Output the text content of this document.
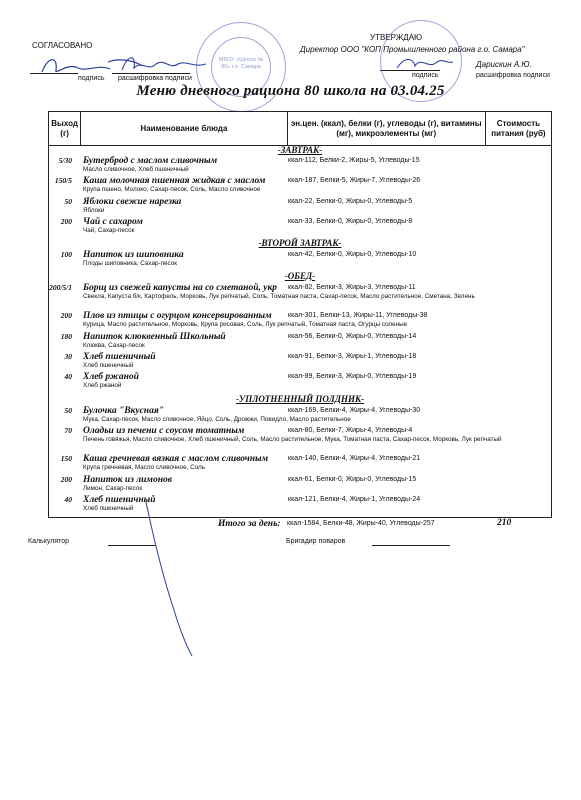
СОГЛАСОВАНО
подпись расшифровка подписи
УТВЕРЖДАЮ
Директор ООО "КОП Промышленного района г.о. Самара"
Дарискин А.Ю.
подпись	расшифровка подписи
МБОУ «Школа № 80» г.о. Самара
Меню дневного рациона 80 школа на 03.04.25
Выход (г)	Наименование блюда	эн.цен. (ккал), белки (г), углеводы (г), витамины (мг), микроэлементы (мг)	Стоимость питания (руб)
-ЗАВТРАК-
5/30 Бутерброд с маслом сливочным	ккал-112, Белки-2, Жиры-5, Углеводы-15
Масло сливочное, Хлеб пшеничный
150/5 Каша молочная пшенная жидкая с маслом	ккал-187, Белки-5, Жиры-7, Углеводы-26
Крупа пшено, Молоко, Сахар-песок, Соль, Масло сливочное
50 Яблоки свежие нарезка	ккал-22, Белки-0, Жиры-0, Углеводы-5
Яблоки
200 Чай с сахаром	ккал-33, Белки-0, Жиры-0, Углеводы-8
Чай, Сахар-песок
-ВТОРОЙ ЗАВТРАК-
100 Напиток из шиповника	ккал-42, Белки-0, Жиры-0, Углеводы-10
Плоды шиповника, Сахар-песок
-ОБЕД-
200/5/1 Борщ из свежей капусты на со сметаной, укр ккал-82, Белки-3, Жиры-3, Углеводы-11
Свекла, Капуста б/к, Картофель, Морковь, Лук репчатый, Соль, Томатная паста, Сахар-песок, Масло растительное, Сметана, Зелень
200 Плов из птицы с огурцом консервированным ккал-301, Белки-13, Жиры-11, Углеводы-38
Курица, Масло растительное, Морковь, Крупа рисовая, Соль, Лук репчатый, Томатная паста, Огурцы соленые
180 Напиток клюквенный Школьный	ккал-56, Белки-0, Жиры-0, Углеводы-14
Клюква, Сахар-песок
30 Хлеб пшеничный	ккал-91, Белки-3, Жиры-1, Углеводы-18
Хлеб пшеничный
40 Хлеб ржаной	ккал-89, Белки-3, Жиры-0, Углеводы-19
Хлеб ржаной
-УПЛОТНЕННЫЙ ПОЛДНИК-
50 Булочка "Вкусная"	ккал-169, Белки-4, Жиры-4, Углеводы-30
Мука, Сахар-песок, Масло сливочное, Яйцо, Соль, Дрожжи, Повидло, Масло растительное
70 Оладьи из печени с соусом томатным	ккал-80, Белки-7, Жиры-4, Углеводы-4
Печень говяжья, Масло сливочное, Хлеб пшеничный, Соль, Масло растительное, Мука, Томатная паста, Сахар-песок, Морковь, Лук репчатый
150 Каша гречневая вязкая с маслом сливочным	ккал-140, Белки-4, Жиры-4, Углеводы-21
Крупа гречневая, Масло сливочное, Соль
200 Напиток из лимонов	ккал-61, Белки-0, Жиры-0, Углеводы-15
Лимон, Сахар-песок
40 Хлеб пшеничный	ккал-121, Белки-4, Жиры-1, Углеводы-24
Хлеб пшеничный
Итого за день: ккал-1584, Белки-48, Жиры-40, Углеводы-257	210
Калькулятор	Бригадир поваров
